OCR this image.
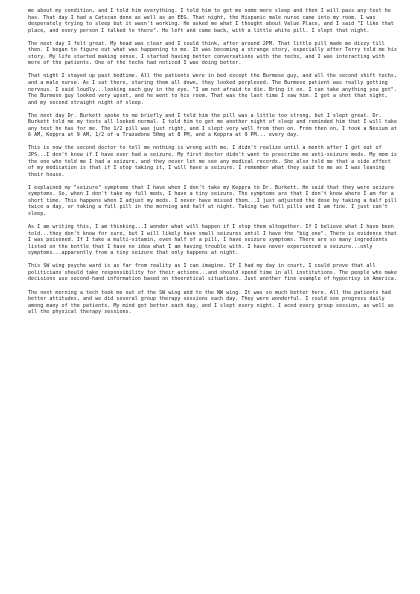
me about my condition, and I told him everything. I told him to get me some more sleep and then I will pass any test he has. That day I had a Catscan done as well as an EEG. That night, the Hispanic male nurse came into my room. I was desperately trying to sleep but it wasn't working. He asked me what I thought about Value Place, and I said "I like that place, and every person I talked to there". He left and came back, with a little white pill. I slept that night.

The next day I felt great. My head was clear and I could think, after around 2PM. That little pill made me dizzy till then. I began to figure out what was happening to me. It was becoming a strange story, especially after Terry told me his story. My life started making sense. I started having better conversations with the techs, and I was interacting with more of the patients. One of the techs had noticed I was doing better.

That night I stayed up past bedtime. All the patients were in bed except the Burmese guy, and all the second shift techs, and a male nurse. As I sat there, staring them all down, they looked perplexed. The Burmese patient was really getting nervous. I said loudly...looking each guy in the eye, "I am not afraid to die. Bring it on. I can take anything you got". The Burmese guy looked very upset, and he went to his room. That was the last time I saw him. I got a shot that night, and my second straight night of sleep.

The next day Dr. Burkett spoke to me briefly and I told him the pill was a little too strong, but I slept great. Dr. Burkett told me my tests all looked normal. I told him to get me another night of sleep and reminded him that I will take any test he has for me. The 1/2 pill was just right, and I slept very well from then on. From then on, I took a Nexium at 6 AM, Keppra at 9 AM, 1/2 of a Trazadone 50mg at 8 PM, and a Keppra at 9 PM... every day.

This is now the second doctor to tell me nothing is wrong with me. I didn't realize until a month after I got out of JPS...I don't know if I have ever had a seizure. My first doctor didn't want to prescribe me anti-seizure meds. My mom is the one who told me I had a seizure, and they never let me see any medical records. She also told me that a side effect of my medication is that if I stop taking it, I will have a seizure. I remember what they said to me as I was leaving their house.

I explained my "seizure" symptoms that I have when I don't take my Keppra to Dr. Burkett. He said that they were seizure symptoms. So, when I don't take my full meds, I have a tiny seizure. The symptoms are that I don't know where I am for a short time. This happens when I adjust my meds. I never have missed them...I just adjusted the dose by taking a half pill twice a day, or taking a full pill in the morning and half at night. Taking two full pills and I am fine. I just can't sleep.

As I am writing this, I am thinking...I wonder what will happen if I stop them altogether. If I believe what I have been told...they don't know for sure, but I will likely have small seizures until I have the "big one". There is evidence that I was poisoned. If I take a multi-vitamin, even half of a pill, I have seizure symptoms. There are so many ingredients listed on the bottle that I have no idea what I am having trouble with. I have never experienced a seizure...only symptoms...apparently from a tiny seizure that only happens at night.

This SW wing psyche ward is as far from reality as I can imagine. If I had my day in court, I could prove that all politicians should take responsibility for their actions...and should spend time in all institutions. The people who make decisions use second-hand information based on theoretical situations. Just another fine example of hypocrisy in America.

The next morning a tech took me out of the SW wing and to the NW wing. It was so much better here. All the patients had better attitudes, and we did several group therapy sessions each day. They were wonderful. I could see progress daily among many of the patients. My mind got better each day, and I slept every night. I aced every group session, as well as all the physical therapy sessions.
